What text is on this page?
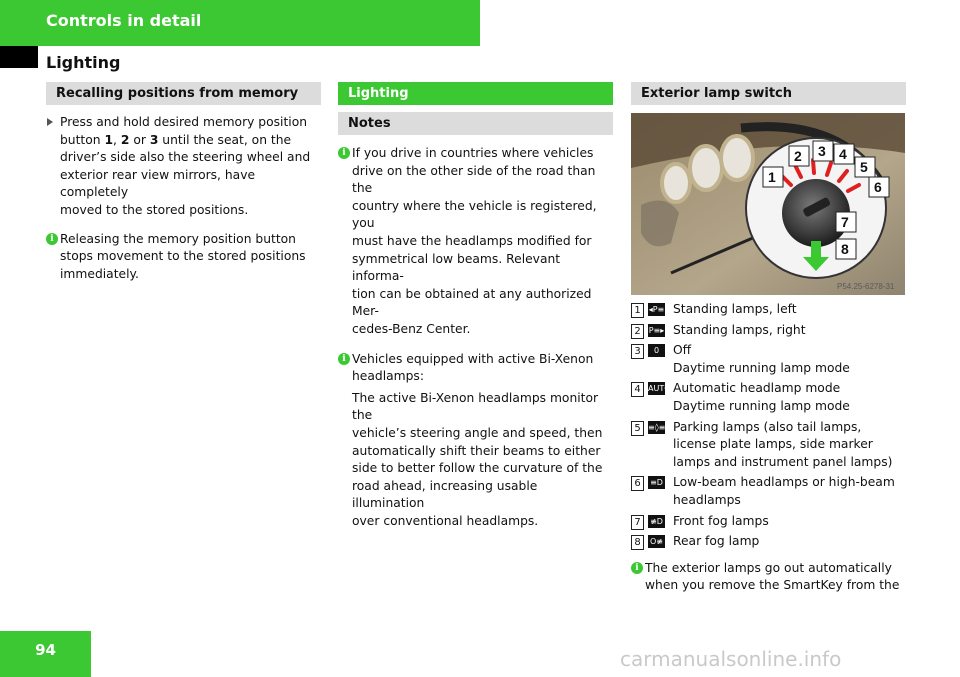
Controls in detail
Lighting
Recalling positions from memory

Press and hold desired memory position

button 1, 2 or 3 until the seat, on the

driver’s side also the steering wheel and

exterior rear view mirrors, have completely

moved to the stored positions.

i Releasing the memory position button

stops movement to the stored positions

immediately.

Lighting
Notes
i If you drive in countries where vehicles

drive on the other side of the road than the

country where the vehicle is registered, you

must have the headlamps modified for

symmetrical low beams. Relevant informa-

tion can be obtained at any authorized Mer-

cedes-Benz Center.

i Vehicles equipped with active Bi-Xenon

headlamps:

The active Bi-Xenon headlamps monitor the

vehicle’s steering angle and speed, then

automatically shift their beams to either

side to better follow the curvature of the

road ahead, increasing usable illumination

over conventional headlamps.

Exterior lamp switch
1
2 3 4
5
6
7
8
P54.25-6278-31
1	◂P≡ Standing lamps, left
2	P≡▸ Standing lamps, right
3	0	Off
Daytime running lamp mode
4 AUTO Automatic headlamp mode
Daytime running lamp mode
5 ≡◊≡ Parking lamps (also tail lamps,
license plate lamps, side marker
lamps and instrument panel lamps)
6	≡D Low-beam headlamps or high-beam
headlamps
7	≢D Front fog lamps
8	O≢ Rear fog lamp
i The exterior lamps go out automatically

when you remove the SmartKey from the

94	carmanualsonline.info
